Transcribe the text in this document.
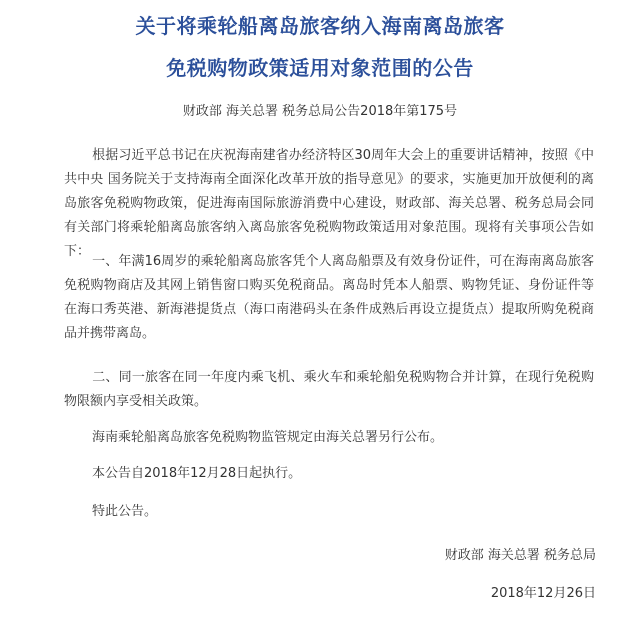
关于将乘轮船离岛旅客纳入海南离岛旅客
免税购物政策适用对象范围的公告
财政部 海关总署 税务总局公告2018年第175号
根据习近平总书记在庆祝海南建省办经济特区30周年大会上的重要讲话精神，按照《中共中央 国务院关于支持海南全面深化改革开放的指导意见》的要求，实施更加开放便利的离岛旅客免税购物政策，促进海南国际旅游消费中心建设，财政部、海关总署、税务总局会同有关部门将乘轮船离岛旅客纳入离岛旅客免税购物政策适用对象范围。现将有关事项公告如下：
一、年满16周岁的乘轮船离岛旅客凭个人离岛船票及有效身份证件，可在海南离岛旅客免税购物商店及其网上销售窗口购买免税商品。离岛时凭本人船票、购物凭证、身份证件等在海口秀英港、新海港提货点（海口南港码头在条件成熟后再设立提货点）提取所购免税商品并携带离岛。
二、同一旅客在同一年度内乘飞机、乘火车和乘轮船免税购物合并计算，在现行免税购物限额内享受相关政策。
海南乘轮船离岛旅客免税购物监管规定由海关总署另行公布。
本公告自2018年12月28日起执行。
特此公告。
财政部 海关总署 税务总局
2018年12月26日
